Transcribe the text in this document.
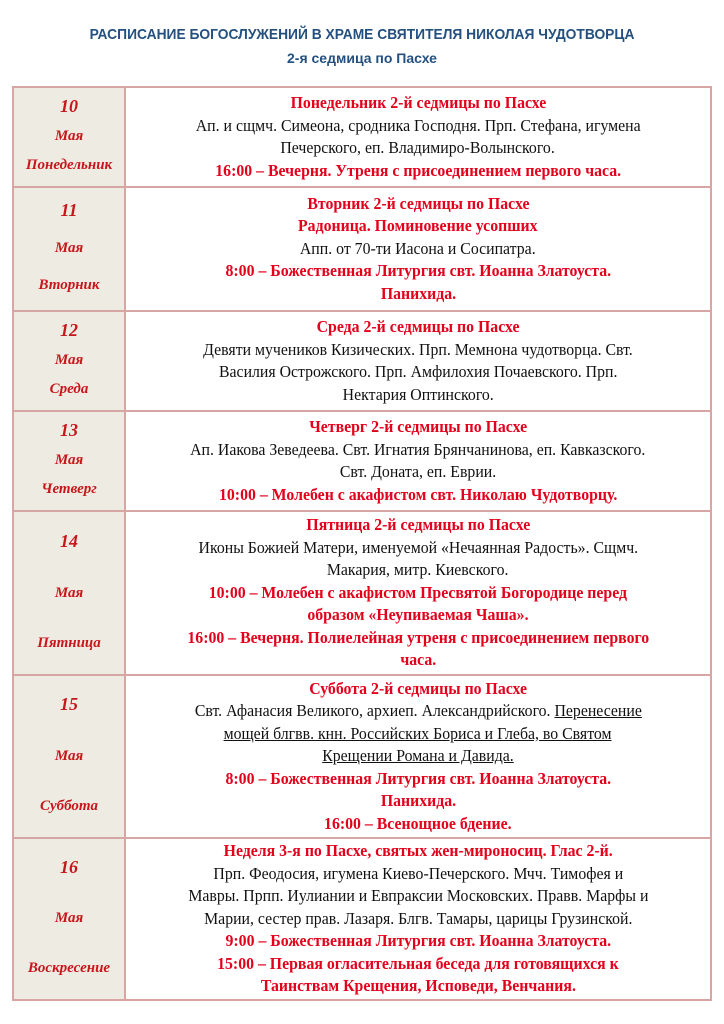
РАСПИСАНИЕ БОГОСЛУЖЕНИЙ В ХРАМЕ СВЯТИТЕЛЯ НИКОЛАЯ ЧУДОТВОРЦА
2-я седмица по Пасхе
10
Мая
Понедельник
Понедельник 2-й седмицы по Пасхе
Ап. и сщмч. Симеона, сродника Господня. Прп. Стефана, игумена
Печерского, еп. Владимиро-Волынского.
16:00 – Вечерня. Утреня с присоединением первого часа.
11
Мая
Вторник
Вторник 2-й седмицы по Пасхе
Радоница. Поминовение усопших
Апп. от 70-ти Иасона и Сосипатра.
8:00 – Божественная Литургия свт. Иоанна Златоуста.
Панихида.
12
Мая
Среда
Среда 2-й седмицы по Пасхе
Девяти мучеников Кизических. Прп. Мемнона чудотворца. Свт.
Василия Острожского. Прп. Амфилохия Почаевского. Прп.
Нектария Оптинского.
13
Мая
Четверг
Четверг 2-й седмицы по Пасхе
Ап. Иакова Зеведеева. Свт. Игнатия Брянчанинова, еп. Кавказского.
Свт. Доната, еп. Еврии.
10:00 – Молебен с акафистом свт. Николаю Чудотворцу.
14
Мая
Пятница
Пятница 2-й седмицы по Пасхе
Иконы Божией Матери, именуемой «Нечаянная Радость». Сщмч.
Макария, митр. Киевского.
10:00 – Молебен с акафистом Пресвятой Богородице перед
образом «Неупиваемая Чаша».
16:00 – Вечерня. Полиелейная утреня с присоединением первого
часа.
15
Мая
Суббота
Суббота 2-й седмицы по Пасхе
Свт. Афанасия Великого, архиеп. Александрийского. Перенесение
мощей блгвв. кнн. Российских Бориса и Глеба, во Святом
Крещении Романа и Давида.
8:00 – Божественная Литургия свт. Иоанна Златоуста.
Панихида.
16:00 – Всенощное бдение.
16
Мая
Воскресение
Неделя 3-я по Пасхе, святых жен-мироносиц. Глас 2-й.
Прп. Феодосия, игумена Киево-Печерского. Мчч. Тимофея и
Мавры. Прпп. Иулиании и Евпраксии Московских. Правв. Марфы и
Марии, сестер прав. Лазаря. Блгв. Тамары, царицы Грузинской.
9:00 – Божественная Литургия свт. Иоанна Златоуста.
15:00 – Первая огласительная беседа для готовящихся к
Таинствам Крещения, Исповеди, Венчания.
